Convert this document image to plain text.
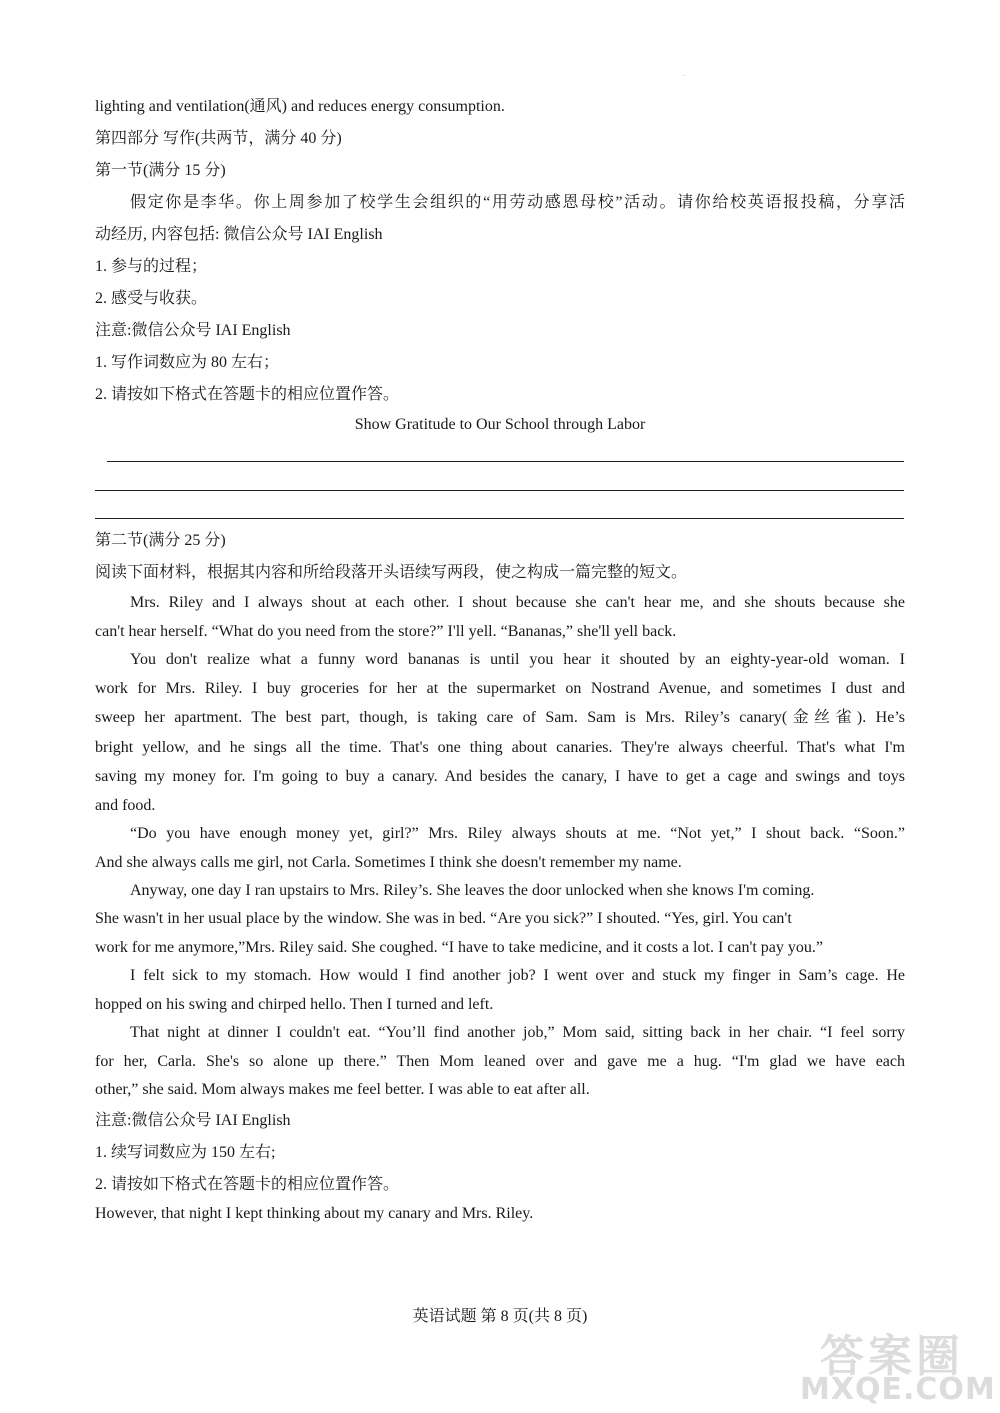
.
lighting and ventilation(通风) and reduces energy consumption.
第四部分 写作(共两节，满分 40 分)
第一节(满分 15 分)
假定你是李华。你上周参加了校学生会组织的“用劳动感恩母校”活动。请你给校英语报投稿，分享活
动经历, 内容包括: 微信公众号 IAI English
1. 参与的过程；
2. 感受与收获。
注意:微信公众号 IAI English
1. 写作词数应为 80 左右；
2. 请按如下格式在答题卡的相应位置作答。
Show Gratitude to Our School through Labor
第二节(满分 25 分)
阅读下面材料，根据其内容和所给段落开头语续写两段，使之构成一篇完整的短文。
Mrs. Riley and I always shout at each other. I shout because she can't hear me, and she shouts because she
can't hear herself. “What do you need from the store?” I'll yell. “Bananas,” she'll yell back.
You don't realize what a funny word bananas is until you hear it shouted by an eighty-year-old woman. I
work for Mrs. Riley. I buy groceries for her at the supermarket on Nostrand Avenue, and sometimes I dust and
sweep her apartment. The best part, though, is taking care of Sam. Sam is Mrs. Riley’s canary(金丝雀). He’s
bright yellow, and he sings all the time. That's one thing about canaries. They're always cheerful. That's what I'm
saving my money for. I'm going to buy a canary. And besides the canary, I have to get a cage and swings and toys
and food.
“Do you have enough money yet, girl?” Mrs. Riley always shouts at me. “Not yet,” I shout back. “Soon.”
And she always calls me girl, not Carla. Sometimes I think she doesn't remember my name.
Anyway, one day I ran upstairs to Mrs. Riley’s. She leaves the door unlocked when she knows I'm coming.
She wasn't in her usual place by the window. She was in bed. “Are you sick?” I shouted. “Yes, girl. You can't
work for me anymore,”Mrs. Riley said. She coughed. “I have to take medicine, and it costs a lot. I can't pay you.”
I felt sick to my stomach. How would I find another job? I went over and stuck my finger in Sam’s cage. He
hopped on his swing and chirped hello. Then I turned and left.
That night at dinner I couldn't eat. “You’ll find another job,” Mom said, sitting back in her chair. “I feel sorry
for her, Carla. She's so alone up there.” Then Mom leaned over and gave me a hug. “I'm glad we have each
other,” she said. Mom always makes me feel better. I was able to eat after all.
注意:微信公众号 IAI English
1. 续写词数应为 150 左右;
2. 请按如下格式在答题卡的相应位置作答。
However, that night I kept thinking about my canary and Mrs. Riley.
英语试题 第 8 页(共 8 页)
答案圈
MXQE.COM
